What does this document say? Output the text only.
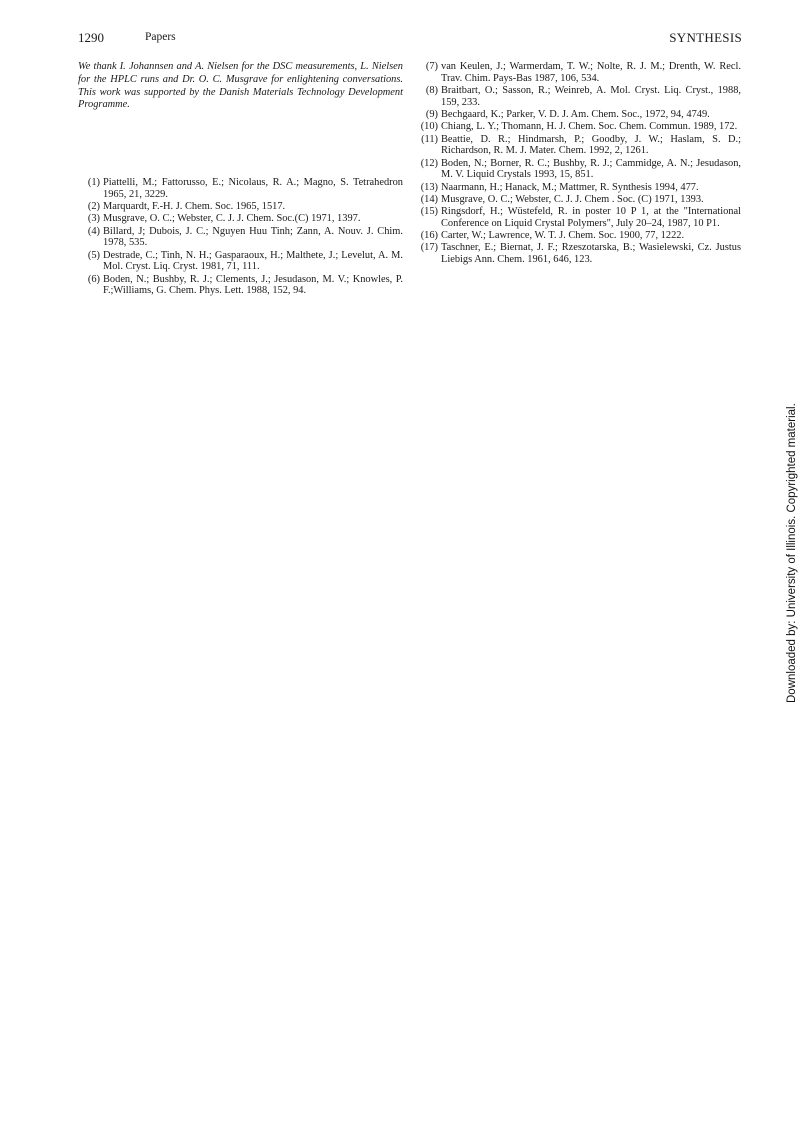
1290	Papers	SYNTHESIS
We thank I. Johannsen and A. Nielsen for the DSC measurements, L. Nielsen for the HPLC runs and Dr. O. C. Musgrave for enlightening conversations. This work was supported by the Danish Materials Technology Development Programme.
(1) Piattelli, M.; Fattorusso, E.; Nicolaus, R. A.; Magno, S. Tetrahedron 1965, 21, 3229.
(2) Marquardt, F.-H. J. Chem. Soc. 1965, 1517.
(3) Musgrave, O. C.; Webster, C. J. J. Chem. Soc.(C) 1971, 1397.
(4) Billard, J; Dubois, J. C.; Nguyen Huu Tinh; Zann, A. Nouv. J. Chim. 1978, 535.
(5) Destrade, C.; Tinh, N. H.; Gasparaoux, H.; Malthete, J.; Levelut, A. M. Mol. Cryst. Liq. Cryst. 1981, 71, 111.
(6) Boden, N.; Bushby, R. J.; Clements, J.; Jesudason, M. V.; Knowles, P. F.;Williams, G. Chem. Phys. Lett. 1988, 152, 94.
(7) van Keulen, J.; Warmerdam, T. W.; Nolte, R. J. M.; Drenth, W. Recl. Trav. Chim. Pays-Bas 1987, 106, 534.
(8) Braitbart, O.; Sasson, R.; Weinreb, A. Mol. Cryst. Liq. Cryst., 1988, 159, 233.
(9) Bechgaard, K.; Parker, V. D. J. Am. Chem. Soc., 1972, 94, 4749.
(10) Chiang, L. Y.; Thomann, H. J. Chem. Soc. Chem. Commun. 1989, 172.
(11) Beattie, D. R.; Hindmarsh, P.; Goodby, J. W.; Haslam, S. D.; Richardson, R. M. J. Mater. Chem. 1992, 2, 1261.
(12) Boden, N.; Borner, R. C.; Bushby, R. J.; Cammidge, A. N.; Jesudason, M. V. Liquid Crystals 1993, 15, 851.
(13) Naarmann, H.; Hanack, M.; Mattmer, R. Synthesis 1994, 477.
(14) Musgrave, O. C.; Webster, C. J. J. Chem . Soc. (C) 1971, 1393.
(15) Ringsdorf, H.; Wüstefeld, R. in poster 10 P 1, at the "International Conference on Liquid Crystal Polymers", July 20–24, 1987, 10 P1.
(16) Carter, W.; Lawrence, W. T. J. Chem. Soc. 1900, 77, 1222.
(17) Taschner, E.; Biernat, J. F.; Rzeszotarska, B.; Wasielewski, Cz. Justus Liebigs Ann. Chem. 1961, 646, 123.
Downloaded by: University of Illinois. Copyrighted material.
